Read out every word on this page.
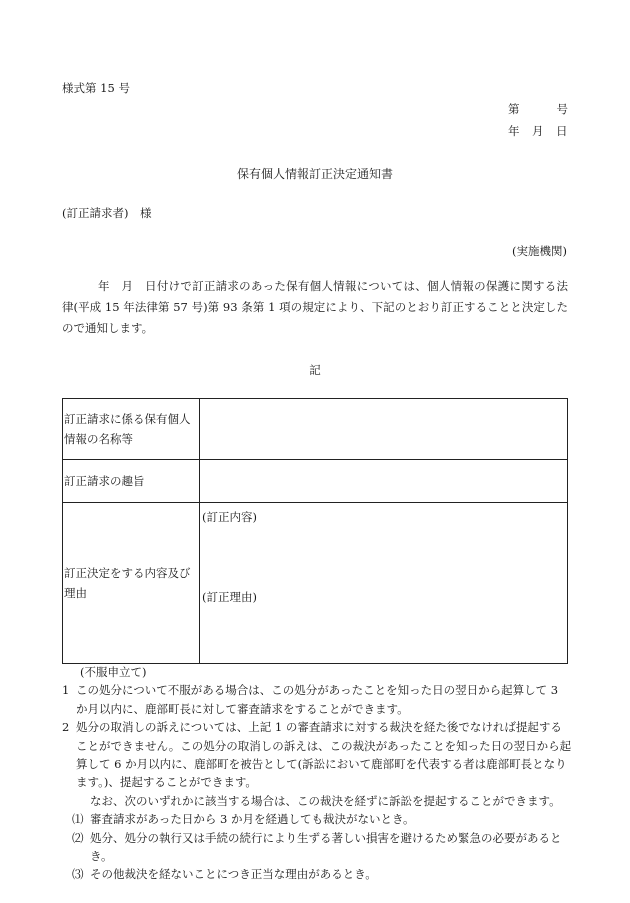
様式第 15 号
第	号
年 月 日
保有個人情報訂正決定通知書
(訂正請求者)　様
(実施機関)
年　月　日付けで訂正請求のあった保有個人情報については、個人情報の保護に関する法律(平成 15 年法律第 57 号)第 93 条第 1 項の規定により、下記のとおり訂正することと決定したので通知します。
記
訂正請求に係る保有個人情報の名称等	
訂正請求の趣旨	
訂正決定をする内容及び理由	(訂正内容)
(訂正理由)
(不服申立て)
1 この処分について不服がある場合は、この処分があったことを知った日の翌日から起算して 3 か月以内に、鹿部町長に対して審査請求をすることができます。
2 処分の取消しの訴えについては、上記 1 の審査請求に対する裁決を経た後でなければ提起することができません。この処分の取消しの訴えは、この裁決があったことを知った日の翌日から起算して 6 か月以内に、鹿部町を被告として(訴訟において鹿部町を代表する者は鹿部町長となります。)、提起することができます。
なお、次のいずれかに該当する場合は、この裁決を経ずに訴訟を提起することができます。
⑴ 審査請求があった日から 3 か月を経過しても裁決がないとき。
⑵ 処分、処分の執行又は手続の続行により生ずる著しい損害を避けるため緊急の必要があるとき。
⑶ その他裁決を経ないことにつき正当な理由があるとき。
